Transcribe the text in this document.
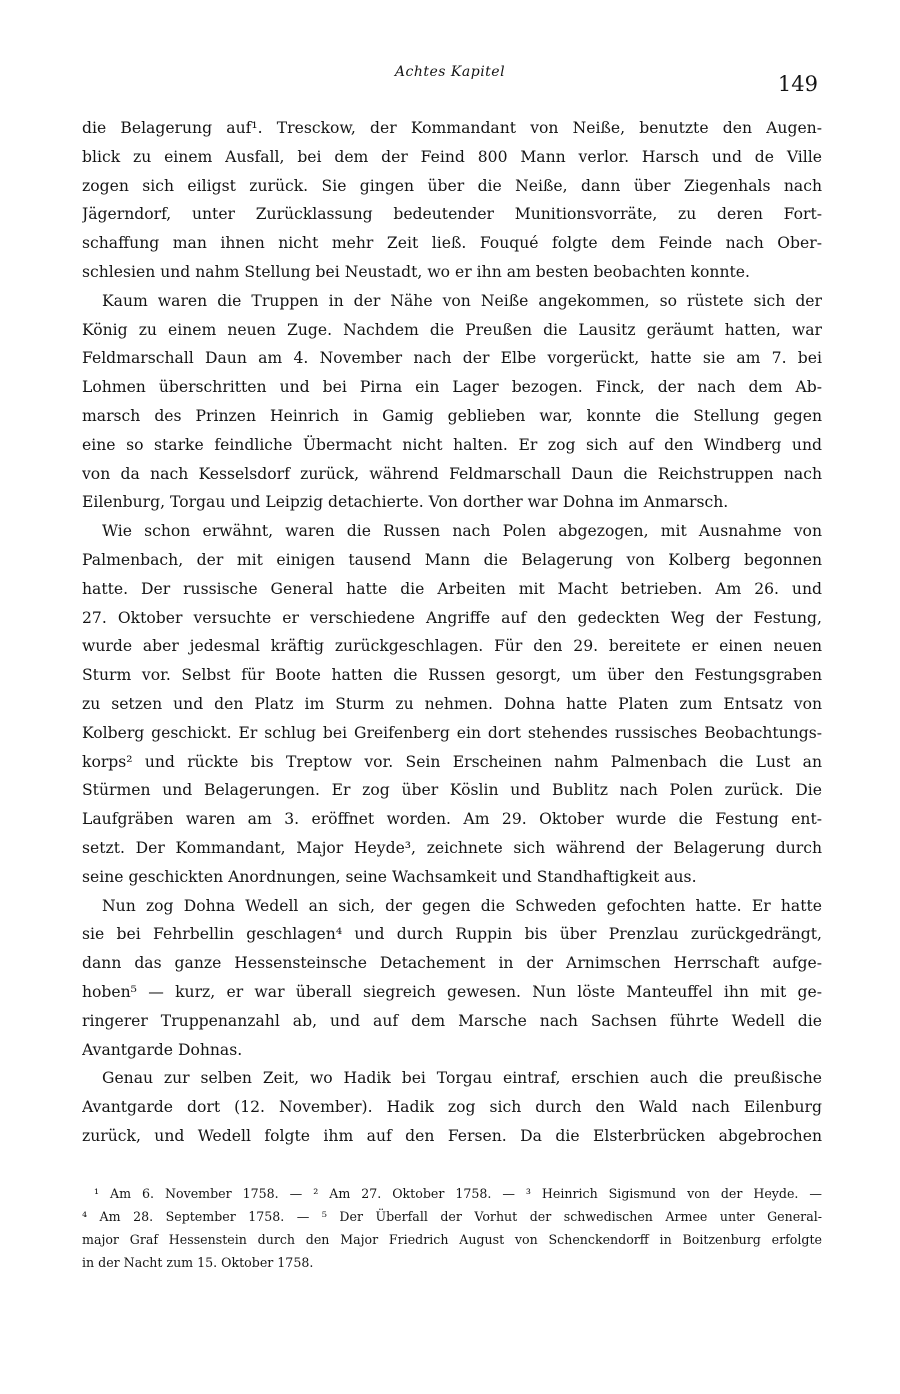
Achtes Kapitel	149
die Belagerung auf¹. Tresckow, der Kommandant von Neiße, benutzte den Augen-
blick zu einem Ausfall, bei dem der Feind 800 Mann verlor. Harsch und de Ville
zogen sich eiligst zurück. Sie gingen über die Neiße, dann über Ziegenhals nach
Jägerndorf, unter Zurücklassung bedeutender Munitionsvorräte, zu deren Fort-
schaffung man ihnen nicht mehr Zeit ließ. Fouqué folgte dem Feinde nach Ober-
schlesien und nahm Stellung bei Neustadt, wo er ihn am besten beobachten konnte.
Kaum waren die Truppen in der Nähe von Neiße angekommen, so rüstete sich der
König zu einem neuen Zuge. Nachdem die Preußen die Lausitz geräumt hatten, war
Feldmarschall Daun am 4. November nach der Elbe vorgerückt, hatte sie am 7. bei
Lohmen überschritten und bei Pirna ein Lager bezogen. Finck, der nach dem Ab-
marsch des Prinzen Heinrich in Gamig geblieben war, konnte die Stellung gegen
eine so starke feindliche Übermacht nicht halten. Er zog sich auf den Windberg und
von da nach Kesselsdorf zurück, während Feldmarschall Daun die Reichstruppen nach
Eilenburg, Torgau und Leipzig detachierte. Von dorther war Dohna im Anmarsch.
Wie schon erwähnt, waren die Russen nach Polen abgezogen, mit Ausnahme von
Palmenbach, der mit einigen tausend Mann die Belagerung von Kolberg begonnen
hatte. Der russische General hatte die Arbeiten mit Macht betrieben. Am 26. und
27. Oktober versuchte er verschiedene Angriffe auf den gedeckten Weg der Festung,
wurde aber jedesmal kräftig zurückgeschlagen. Für den 29. bereitete er einen neuen
Sturm vor. Selbst für Boote hatten die Russen gesorgt, um über den Festungsgraben
zu setzen und den Platz im Sturm zu nehmen. Dohna hatte Platen zum Entsatz von
Kolberg geschickt. Er schlug bei Greifenberg ein dort stehendes russisches Beobachtungs-
korps² und rückte bis Treptow vor. Sein Erscheinen nahm Palmenbach die Lust an
Stürmen und Belagerungen. Er zog über Köslin und Bublitz nach Polen zurück. Die
Laufgräben waren am 3. eröffnet worden. Am 29. Oktober wurde die Festung ent-
setzt. Der Kommandant, Major Heyde³, zeichnete sich während der Belagerung durch
seine geschickten Anordnungen, seine Wachsamkeit und Standhaftigkeit aus.
Nun zog Dohna Wedell an sich, der gegen die Schweden gefochten hatte. Er hatte
sie bei Fehrbellin geschlagen⁴ und durch Ruppin bis über Prenzlau zurückgedrängt,
dann das ganze Hessensteinsche Detachement in der Arnimschen Herrschaft aufge-
hoben⁵ — kurz, er war überall siegreich gewesen. Nun löste Manteuffel ihn mit ge-
ringerer Truppenanzahl ab, und auf dem Marsche nach Sachsen führte Wedell die
Avantgarde Dohnas.
Genau zur selben Zeit, wo Hadik bei Torgau eintraf, erschien auch die preußische
Avantgarde dort (12. November). Hadik zog sich durch den Wald nach Eilenburg
zurück, und Wedell folgte ihm auf den Fersen. Da die Elsterbrücken abgebrochen
¹ Am 6. November 1758. — ² Am 27. Oktober 1758. — ³ Heinrich Sigismund von der Heyde. —
⁴ Am 28. September 1758. — ⁵ Der Überfall der Vorhut der schwedischen Armee unter General-
major Graf Hessenstein durch den Major Friedrich August von Schenckendorff in Boitzenburg erfolgte
in der Nacht zum 15. Oktober 1758.
